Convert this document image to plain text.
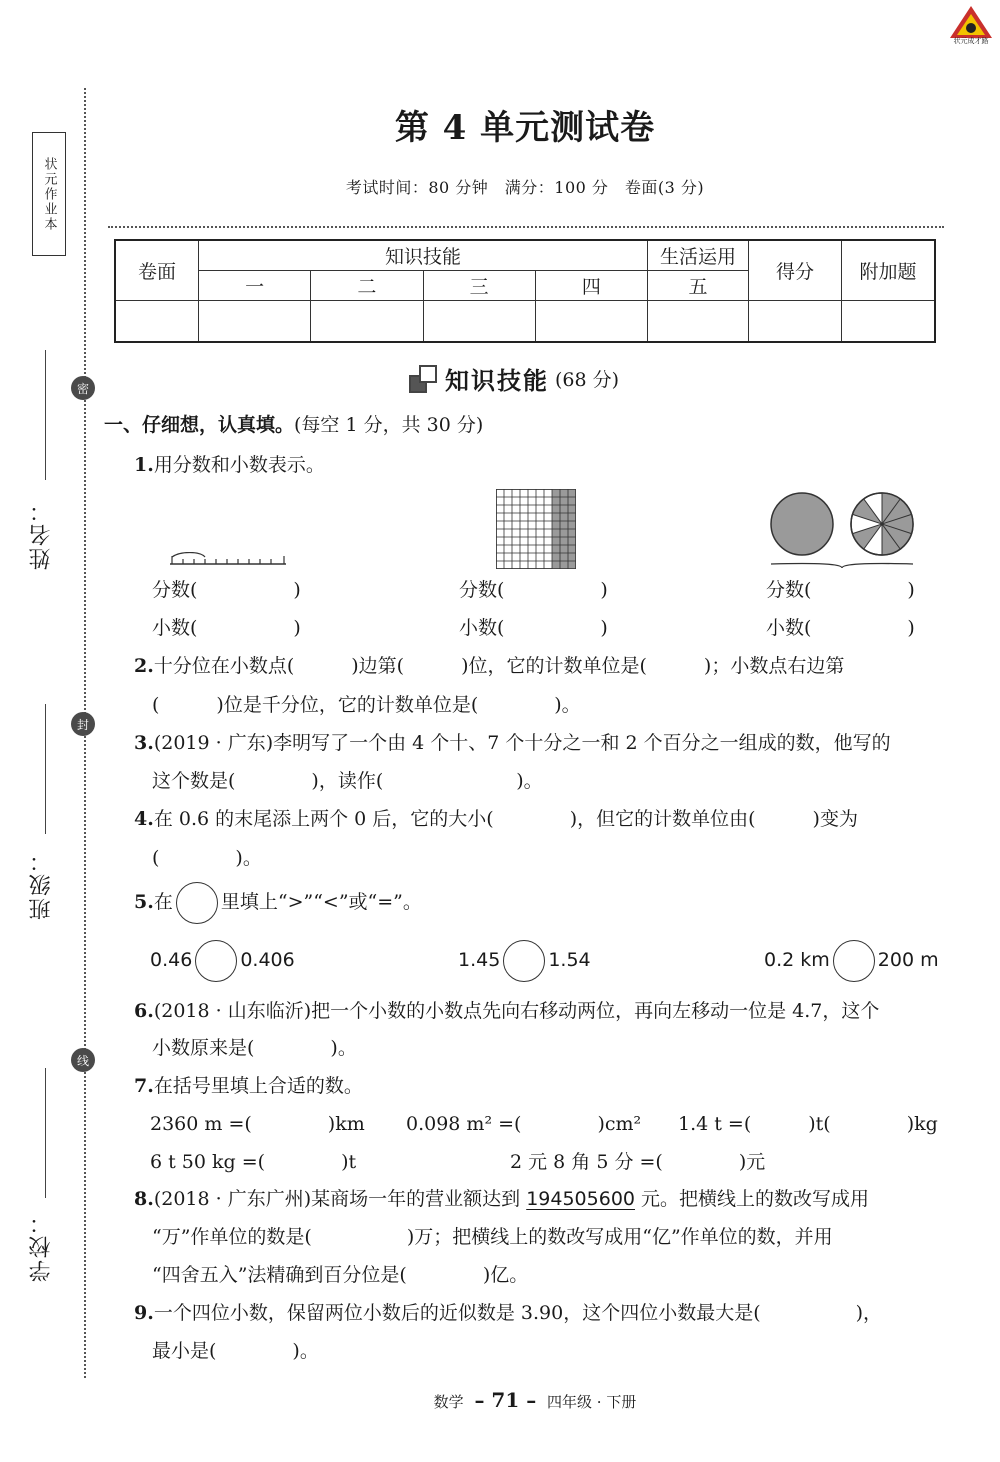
状元成才路
状元作业本
密
封
线
姓名：
班级：
学校：
第 4 单元测试卷
考试时间：80 分钟　满分：100 分　卷面(3 分)
卷面	知识技能				生活运用	得分	附加题
	一	二	三	四	五		

知识技能 (68 分)
一、仔细想，认真填。(每空 1 分，共 30 分)
1.用分数和小数表示。
分数(	)
小数(	)
分数(	)
小数(	)
分数(	)
小数(	)
2.十分位在小数点(　　　)边第(　　　)位，它的计数单位是(　　　)；小数点右边第
(　　　)位是千分位，它的计数单位是(　　　　)。
3.(2019 · 广东)李明写了一个由 4 个十、7 个十分之一和 2 个百分之一组成的数，他写的
这个数是(　　　　)，读作(　　　　　　　)。
4.在 0.6 的末尾添上两个 0 后，它的大小(　　　　)，但它的计数单位由(　　　)变为
(　　　　)。
5.在	里填上“>”“<”或“=”。
0.46	0.406	1.45	1.54	0.2 km	200 m
6.(2018 · 山东临沂)把一个小数的小数点先向右移动两位，再向左移动一位是 4.7，这个
小数原来是(　　　　)。
7.在括号里填上合适的数。
2360 m =(　　　　)km 0.098 m² =(　　　　)cm² 1.4 t =(　　　)t(　　　　)kg
6 t 50 kg =(　　　　)t	2 元 8 角 5 分 =(　　　　)元
8.(2018 · 广东广州)某商场一年的营业额达到 194505600 元。把横线上的数改写成用
“万”作单位的数是(　　　　　)万；把横线上的数改写成用“亿”作单位的数，并用
“四舍五入”法精确到百分位是(　　　　)亿。
9.一个四位小数，保留两位小数后的近似数是 3.90，这个四位小数最大是(　　　　　)，
最小是(　　　　)。
数学 – 71 – 四年级 · 下册
